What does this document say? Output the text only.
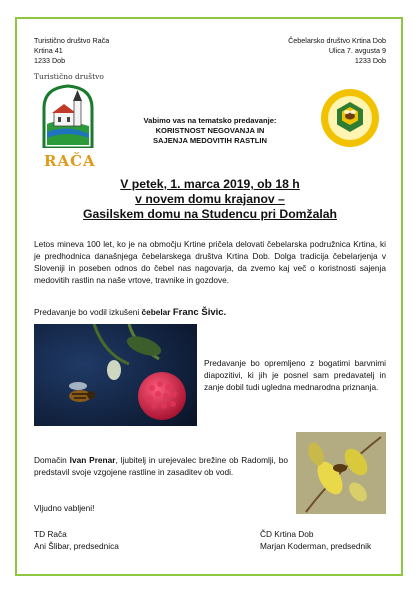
Turistično društvo Rača
Krtina 41
1233 Dob
Čebelarsko društvo Krtina Dob
Ulica 7. avgusta 9
1233 Dob
Turistično društvo
RAČA
Vabimo vas na tematsko predavanje:
KORISTNOST NEGOVANJA IN
SAJENJA MEDOVITIH RASTLIN
V petek, 1. marca 2019, ob 18 h
v novem domu krajanov –
Gasilskem domu na Studencu pri Domžalah
Letos mineva 100 let, ko je na območju Krtine pričela delovati čebelarska podružnica Krtina, ki je predhodnica današnjega čebelarskega društva Krtina Dob. Dolga tradicija čebelarjenja v Sloveniji in poseben odnos do čebel nas nagovarja, da zvemo kaj več o koristnosti sajenja medovitih rastlin na naše vrtove, travnike in gozdove.
Predavanje bo vodil izkušeni čebelar Franc Šivic.
Predavanje bo opremljeno z bogatimi barvnimi diapozitivi, ki jih je posnel sam predavatelj in zanje dobil tudi ugledna mednarodna priznanja.
Domačin Ivan Prenar, ljubitelj in urejevalec brežine ob Radomlji, bo predstavil svoje vzgojene rastline in zasaditev ob vodi.
Vljudno vabljeni!
TD Rača
Ani Šlibar, predsednica
ČD Krtina Dob
Marjan Koderman, predsednik
